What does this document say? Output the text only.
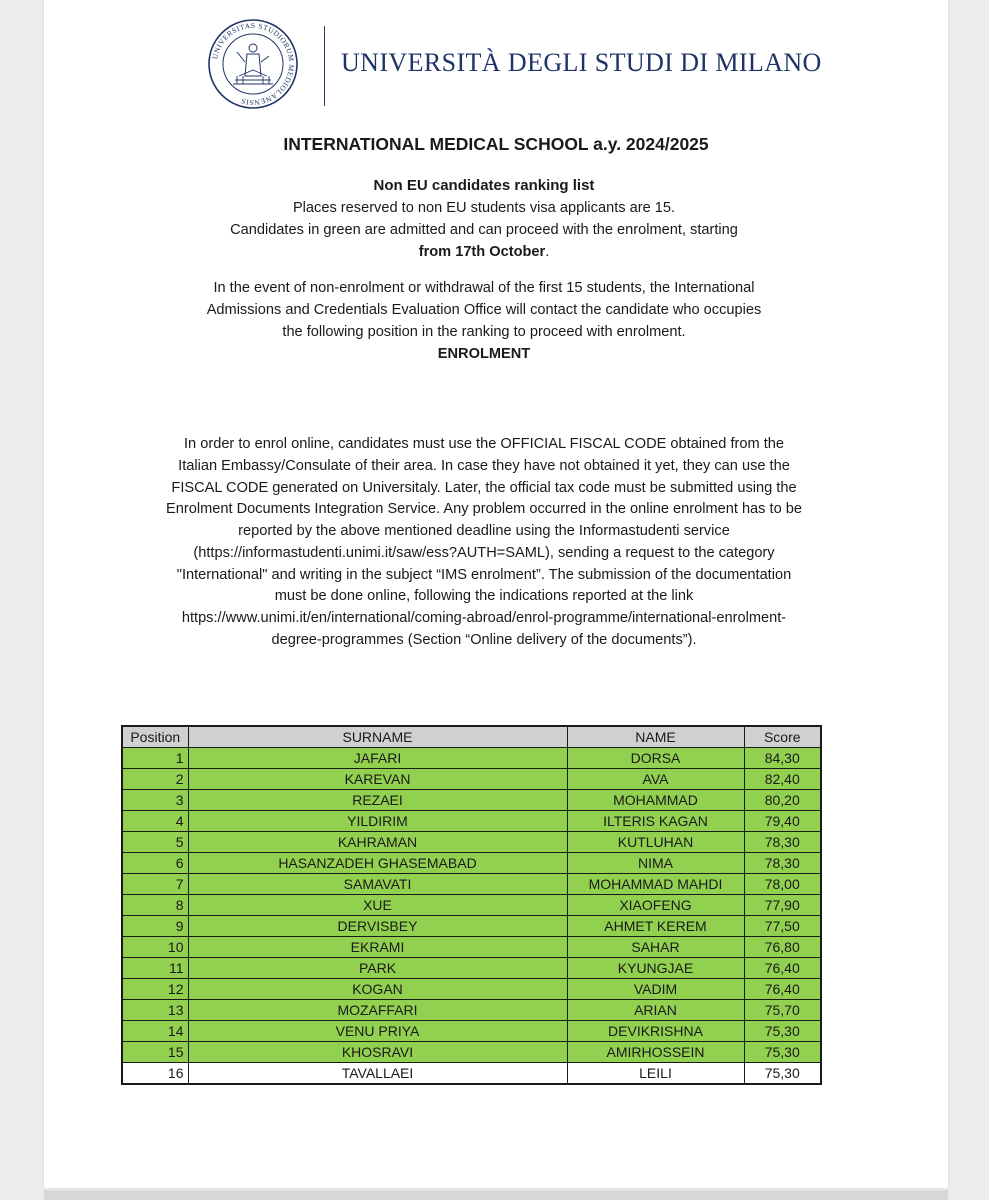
UNIVERSITAS STUDIORUM MEDIOLANENSIS
UNIVERSITÀ DEGLI STUDI DI MILANO
INTERNATIONAL MEDICAL SCHOOL a.y. 2024/2025

Non EU candidates ranking list

Places reserved to non EU students visa applicants are 15.

Candidates in green are admitted and can proceed with the enrolment, starting

from 17th October.

In the event of non-enrolment or withdrawal of the first 15 students, the International Admissions and Credentials Evaluation Office will contact the candidate who occupies the following position in the ranking to proceed with enrolment.

ENROLMENT

In order to enrol online, candidates must use the OFFICIAL FISCAL CODE obtained from the Italian Embassy/Consulate of their area. In case they have not obtained it yet, they can use the FISCAL CODE generated on Universitaly. Later, the official tax code must be submitted using the Enrolment Documents Integration Service. Any problem occurred in the online enrolment has to be reported by the above mentioned deadline using the Informastudenti service (https://informastudenti.unimi.it/saw/ess?AUTH=SAML), sending a request to the category "International" and writing in the subject “IMS enrolment”. The submission of the documentation must be done online, following the indications reported at the link https://www.unimi.it/en/international/coming-abroad/enrol-programme/international-enrolment-degree-programmes (Section “Online delivery of the documents”).

Position	SURNAME	NAME	Score
1	JAFARI	DORSA	84,30
2	KAREVAN	AVA	82,40
3	REZAEI	MOHAMMAD	80,20
4	YILDIRIM	ILTERIS KAGAN	79,40
5	KAHRAMAN	KUTLUHAN	78,30
6	HASANZADEH GHASEMABAD	NIMA	78,30
7	SAMAVATI	MOHAMMAD MAHDI	78,00
8	XUE	XIAOFENG	77,90
9	DERVISBEY	AHMET KEREM	77,50
10	EKRAMI	SAHAR	76,80
11	PARK	KYUNGJAE	76,40
12	KOGAN	VADIM	76,40
13	MOZAFFARI	ARIAN	75,70
14	VENU PRIYA	DEVIKRISHNA	75,30
15	KHOSRAVI	AMIRHOSSEIN	75,30
16	TAVALLAEI	LEILI	75,30
